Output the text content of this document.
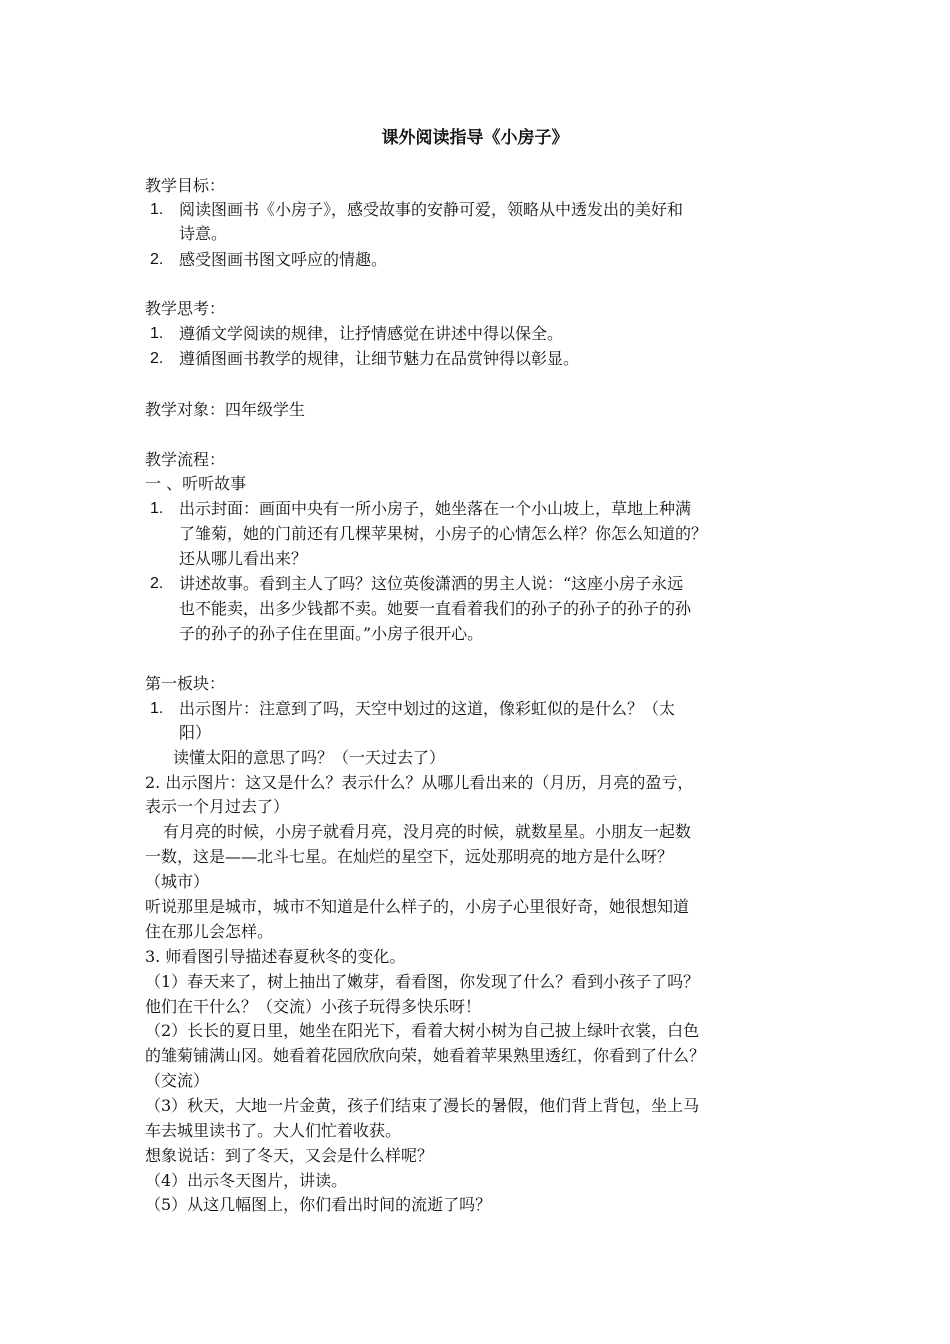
课外阅读指导《小房子》
教学目标：
1. 阅读图画书《小房子》，感受故事的安静可爱，领略从中透发出的美好和
诗意。
2. 感受图画书图文呼应的情趣。
教学思考：
1. 遵循文学阅读的规律，让抒情感觉在讲述中得以保全。
2. 遵循图画书教学的规律，让细节魅力在品赏钟得以彰显。
教学对象：四年级学生
教学流程：
一 、听听故事
1. 出示封面：画面中央有一所小房子，她坐落在一个小山坡上，草地上种满
了雏菊，她的门前还有几棵苹果树，小房子的心情怎么样？你怎么知道的？
还从哪儿看出来？
2. 讲述故事。看到主人了吗？这位英俊潇洒的男主人说：“这座小房子永远
也不能卖，出多少钱都不卖。她要一直看着我们的孙子的孙子的孙子的孙
子的孙子的孙子住在里面。”小房子很开心。
第一板块：
1. 出示图片：注意到了吗，天空中划过的这道，像彩虹似的是什么？（太
阳）
读懂太阳的意思了吗？（一天过去了）
2. 出示图片：这又是什么？表示什么？从哪儿看出来的（月历，月亮的盈亏，
表示一个月过去了）
有月亮的时候，小房子就看月亮，没月亮的时候，就数星星。小朋友一起数
一数，这是——北斗七星。在灿烂的星空下，远处那明亮的地方是什么呀？
（城市）
听说那里是城市，城市不知道是什么样子的，小房子心里很好奇，她很想知道
住在那儿会怎样。
3. 师看图引导描述春夏秋冬的变化。
（1）春天来了，树上抽出了嫩芽，看看图，你发现了什么？看到小孩子了吗？
他们在干什么？（交流）小孩子玩得多快乐呀！
（2）长长的夏日里，她坐在阳光下，看着大树小树为自己披上绿叶衣裳，白色
的雏菊铺满山冈。她看着花园欣欣向荣，她看着苹果熟里透红，你看到了什么？
（交流）
（3）秋天，大地一片金黄，孩子们结束了漫长的暑假，他们背上背包，坐上马
车去城里读书了。大人们忙着收获。
想象说话：到了冬天，又会是什么样呢？
（4）出示冬天图片，讲读。
（5）从这几幅图上，你们看出时间的流逝了吗？
